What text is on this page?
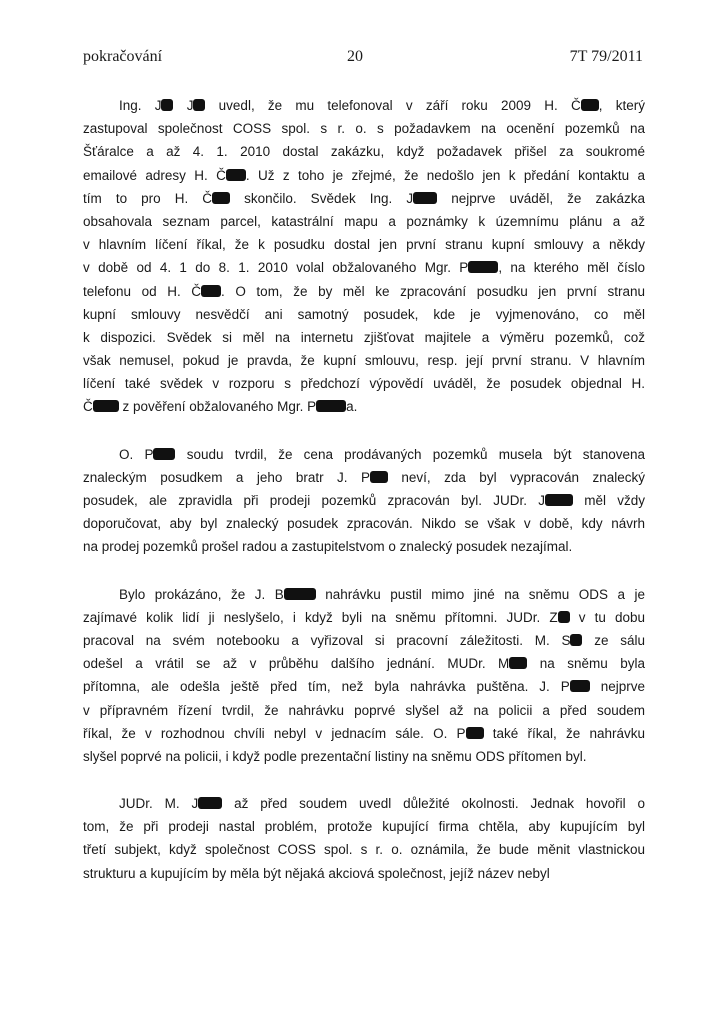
pokračování	20	7T 79/2011
Ing. J J uvedl, že mu telefonoval v září roku 2009 H. Č , který
zastupoval společnost COSS spol. s r. o. s požadavkem na ocenění pozemků na
Šťáralce a až 4. 1. 2010 dostal zakázku, když požadavek přišel za soukromé
emailové adresy H. Č . Už z toho je zřejmé, že nedošlo jen k předání kontaktu a
tím to pro H. Č skončilo. Svědek Ing. J nejprve uváděl, že zakázka
obsahovala seznam parcel, katastrální mapu a poznámky k územnímu plánu a až
v hlavním líčení říkal, že k posudku dostal jen první stranu kupní smlouvy a někdy
v době od 4. 1 do 8. 1. 2010 volal obžalovaného Mgr. P , na kterého měl číslo
telefonu od H. Č . O tom, že by měl ke zpracování posudku jen první stranu
kupní smlouvy nesvědčí ani samotný posudek, kde je vyjmenováno, co měl
k dispozici. Svědek si měl na internetu zjišťovat majitele a výměru pozemků, což
však nemusel, pokud je pravda, že kupní smlouvu, resp. její první stranu. V hlavním
líčení také svědek v rozporu s předchozí výpovědí uváděl, že posudek objednal H.
Č z pověření obžalovaného Mgr. P a.
O. P soudu tvrdil, že cena prodávaných pozemků musela být stanovena
znaleckým posudkem a jeho bratr J. P neví, zda byl vypracován znalecký
posudek, ale zpravidla při prodeji pozemků zpracován byl. JUDr. J měl vždy
doporučovat, aby byl znalecký posudek zpracován. Nikdo se však v době, kdy návrh
na prodej pozemků prošel radou a zastupitelstvom o znalecký posudek nezajímal.
Bylo prokázáno, že J. B nahrávku pustil mimo jiné na sněmu ODS a je
zajímavé kolik lidí ji neslyšelo, i když byli na sněmu přítomni. JUDr. Z v tu dobu
pracoval na svém notebooku a vyřizoval si pracovní záležitosti. M. S ze sálu
odešel a vrátil se až v průběhu dalšího jednání. MUDr. M na sněmu byla
přítomna, ale odešla ještě před tím, než byla nahrávka puštěna. J. P nejprve
v přípravném řízení tvrdil, že nahrávku poprvé slyšel až na policii a před soudem
říkal, že v rozhodnou chvíli nebyl v jednacím sále. O. P také říkal, že nahrávku
slyšel poprvé na policii, i když podle prezentační listiny na sněmu ODS přítomen byl.
JUDr. M. J až před soudem uvedl důležité okolnosti. Jednak hovořil o
tom, že při prodeji nastal problém, protože kupující firma chtěla, aby kupujícím byl
třetí subjekt, když společnost COSS spol. s r. o. oznámila, že bude měnit vlastnickou
strukturu a kupujícím by měla být nějaká akciová společnost, jejíž název nebyl
